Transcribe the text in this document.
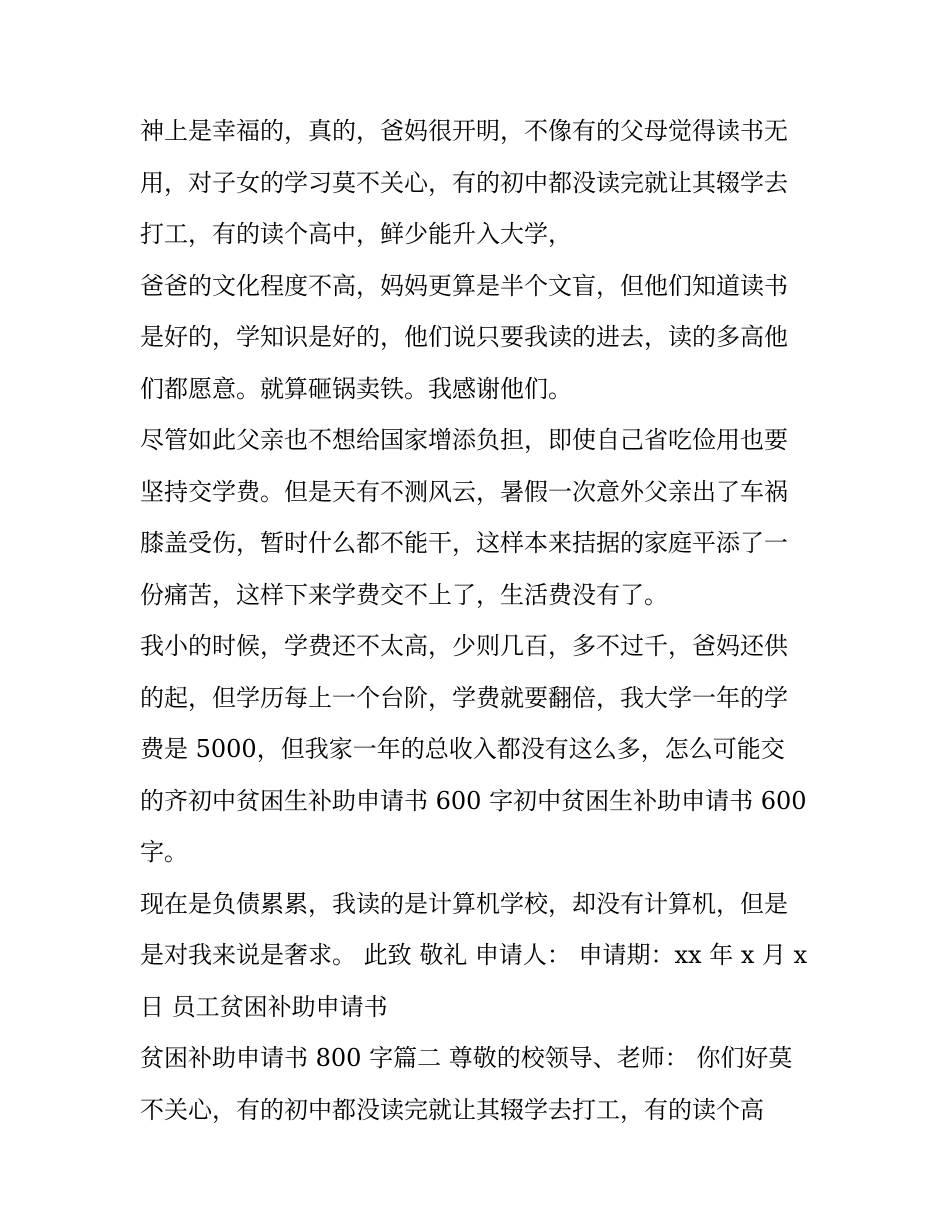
神上是幸福的，真的，爸妈很开明，不像有的父母觉得读书无
用，对子女的学习莫不关心，有的初中都没读完就让其辍学去
打工，有的读个高中，鲜少能升入大学，
爸爸的文化程度不高，妈妈更算是半个文盲，但他们知道读书
是好的，学知识是好的，他们说只要我读的进去，读的多高他
们都愿意。就算砸锅卖铁。我感谢他们。
尽管如此父亲也不想给国家增添负担，即使自己省吃俭用也要
坚持交学费。但是天有不测风云，暑假一次意外父亲出了车祸
膝盖受伤，暂时什么都不能干，这样本来拮据的家庭平添了一
份痛苦，这样下来学费交不上了，生活费没有了。
我小的时候，学费还不太高，少则几百，多不过千，爸妈还供
的起，但学历每上一个台阶，学费就要翻倍，我大学一年的学
费是 5000，但我家一年的总收入都没有这么多，怎么可能交
的齐初中贫困生补助申请书 600 字初中贫困生补助申请书 600
字。
现在是负债累累，我读的是计算机学校，却没有计算机，但是
是对我来说是奢求。 此致 敬礼 申请人： 申请期：xx 年 x 月 x
日 员工贫困补助申请书
贫困补助申请书 800 字篇二 尊敬的校领导、老师： 你们好莫
不关心，有的初中都没读完就让其辍学去打工，有的读个高
